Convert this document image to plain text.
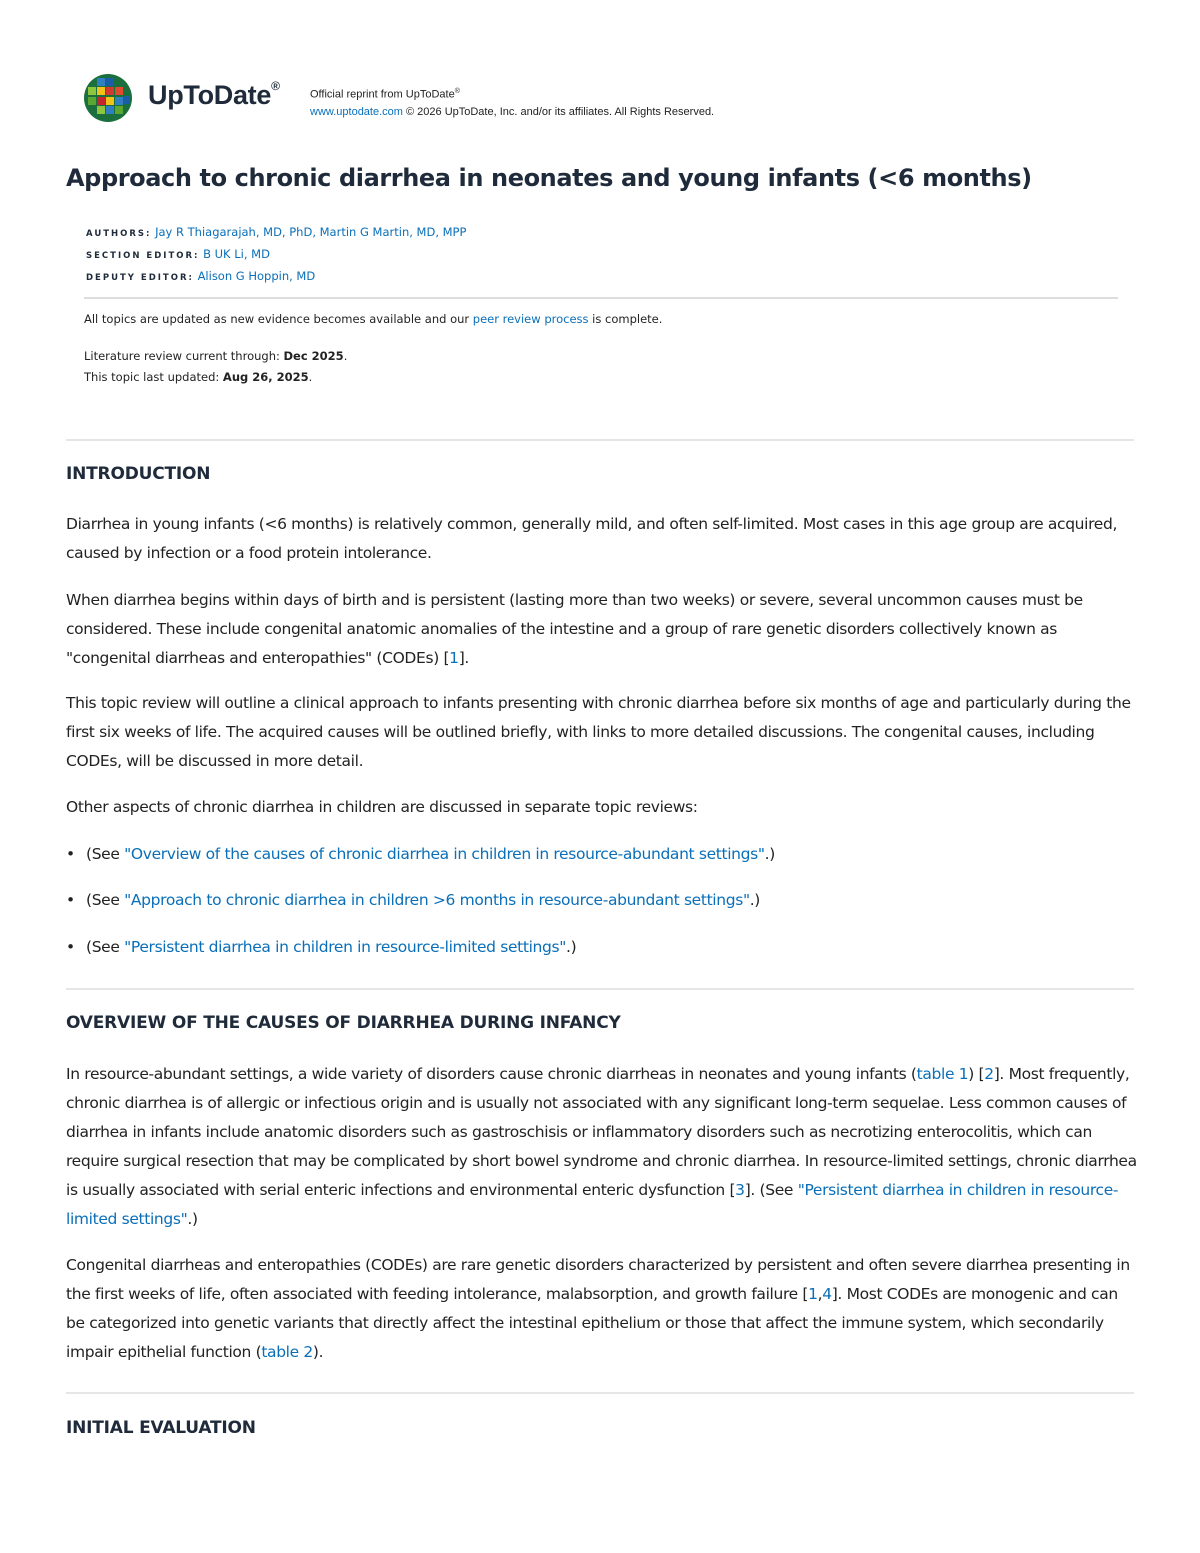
UpToDate®
Official reprint from UpToDate®
www.uptodate.com © 2026 UpToDate, Inc. and/or its affiliates. All Rights Reserved.
Approach to chronic diarrhea in neonates and young infants (<6 months)
AUTHORS: Jay R Thiagarajah, MD, PhD, Martin G Martin, MD, MPP
SECTION EDITOR: B UK Li, MD
DEPUTY EDITOR: Alison G Hoppin, MD
All topics are updated as new evidence becomes available and our peer review process is complete.
Literature review current through: Dec 2025.
This topic last updated: Aug 26, 2025.
INTRODUCTION

Diarrhea in young infants (<6 months) is relatively common, generally mild, and often self-limited. Most cases in this age group are acquired, caused by infection or a food protein intolerance.

When diarrhea begins within days of birth and is persistent (lasting more than two weeks) or severe, several uncommon causes must be considered. These include congenital anatomic anomalies of the intestine and a group of rare genetic disorders collectively known as "congenital diarrheas and enteropathies" (CODEs) [1].

This topic review will outline a clinical approach to infants presenting with chronic diarrhea before six months of age and particularly during the first six weeks of life. The acquired causes will be outlined briefly, with links to more detailed discussions. The congenital causes, including CODEs, will be discussed in more detail.

Other aspects of chronic diarrhea in children are discussed in separate topic reviews:

• (See "Overview of the causes of chronic diarrhea in children in resource-abundant settings".)
• (See "Approach to chronic diarrhea in children >6 months in resource-abundant settings".)
• (See "Persistent diarrhea in children in resource-limited settings".)
OVERVIEW OF THE CAUSES OF DIARRHEA DURING INFANCY

In resource-abundant settings, a wide variety of disorders cause chronic diarrheas in neonates and young infants (table 1) [2]. Most frequently, chronic diarrhea is of allergic or infectious origin and is usually not associated with any significant long-term sequelae. Less common causes of diarrhea in infants include anatomic disorders such as gastroschisis or inflammatory disorders such as necrotizing enterocolitis, which can require surgical resection that may be complicated by short bowel syndrome and chronic diarrhea. In resource-limited settings, chronic diarrhea is usually associated with serial enteric infections and environmental enteric dysfunction [3]. (See "Persistent diarrhea in children in resource-limited settings".)

Congenital diarrheas and enteropathies (CODEs) are rare genetic disorders characterized by persistent and often severe diarrhea presenting in the first weeks of life, often associated with feeding intolerance, malabsorption, and growth failure [1,4]. Most CODEs are monogenic and can be categorized into genetic variants that directly affect the intestinal epithelium or those that affect the immune system, which secondarily impair epithelial function (table 2).

INITIAL EVALUATION
